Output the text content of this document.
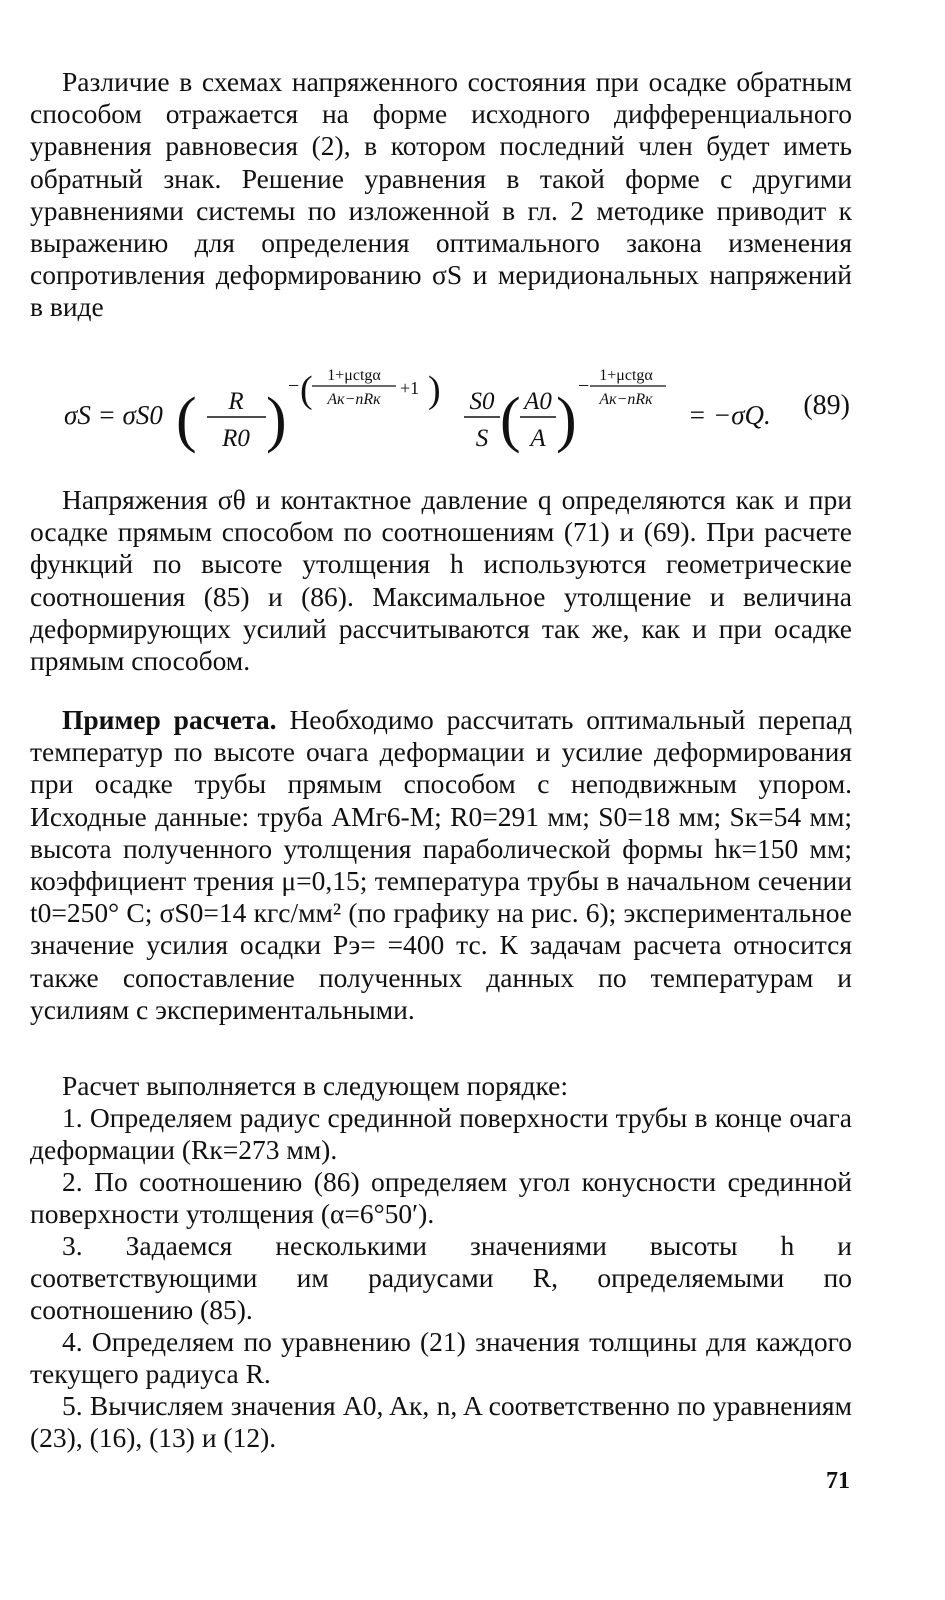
Различие в схемах напряженного состояния при осадке обратным способом отражается на форме исходного дифференциального уравнения равновесия (2), в котором последний член будет иметь обратный знак. Решение уравнения в такой форме с другими уравнениями системы по изложенной в гл. 2 методике приводит к выражению для определения оптимального закона изменения сопротивления деформированию σS и меридиональных напряжений в виде

σS = σS0 ( R
R0 ) − ( 1+μctgα
Aк−nRк
+1 ) S0
S ( A0
A ) − 1+μctgα
Aк−nRк
= −σQ. (89)

Напряжения σθ и контактное давление q определяются как и при осадке прямым способом по соотношениям (71) и (69). При расчете функций по высоте утолщения h используются геометрические соотношения (85) и (86). Максимальное утолщение и величина деформирующих усилий рассчитываются так же, как и при осадке прямым способом.

Пример расчета. Необходимо рассчитать оптимальный перепад температур по высоте очага деформации и усилие деформирования при осадке трубы прямым способом с неподвижным упором. Исходные данные: труба АМг6-М; R0=291 мм; S0=18 мм; Sк=54 мм; высота полученного утолщения параболической формы hк=150 мм; коэффициент трения μ=0,15; температура трубы в начальном сечении t0=250° С; σS0=14 кгс/мм² (по графику на рис. 6); экспериментальное значение усилия осадки Pэ= =400 тс. К задачам расчета относится также сопоставление полученных данных по температурам и усилиям с экспериментальными.

Расчет выполняется в следующем порядке:

1. Определяем радиус срединной поверхности трубы в конце очага деформации (Rк=273 мм).

2. По соотношению (86) определяем угол конусности срединной поверхности утолщения (α=6°50′).

3. Задаемся несколькими значениями высоты h и соответствующими им радиусами R, определяемыми по соотношению (85).

4. Определяем по уравнению (21) значения толщины для каждого текущего радиуса R.

5. Вычисляем значения A0, Aк, n, A соответственно по уравнениям (23), (16), (13) и (12).

71
